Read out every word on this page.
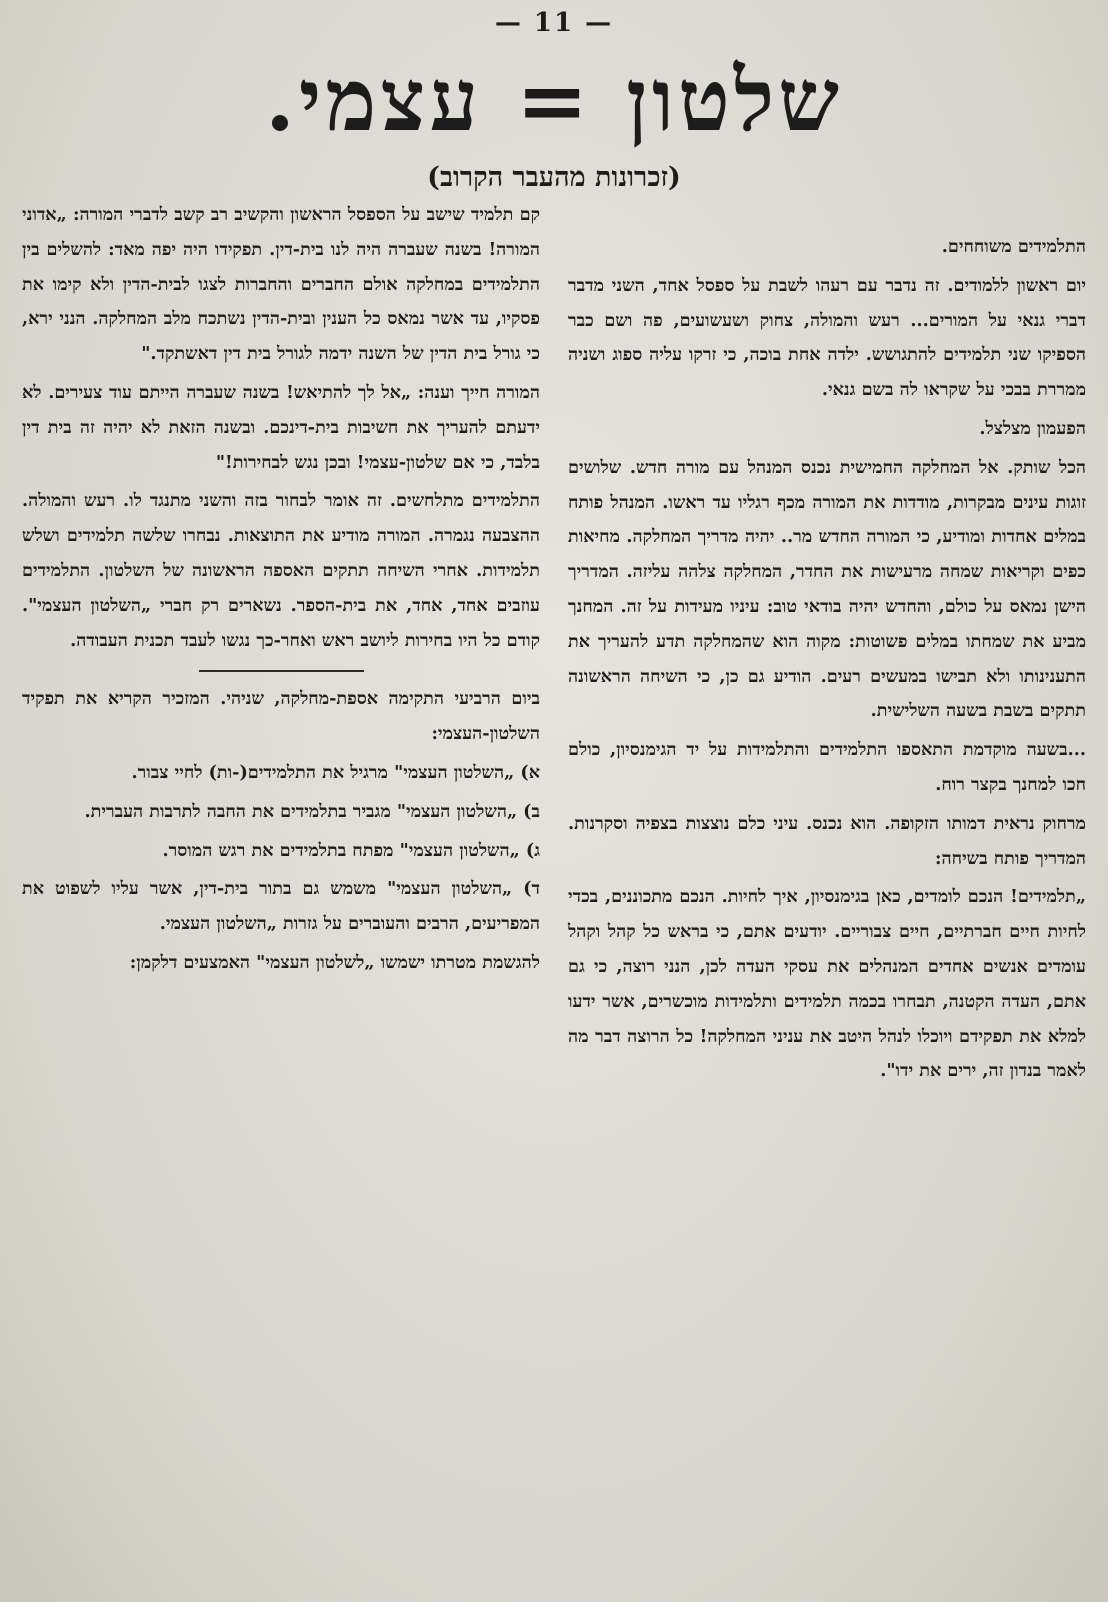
— 11 —
שלטון = עצמי.
(זכרונות מהעבר הקרוב)

התלמידים משוחחים.

יום ראשון ללמודים. זה נדבר עם רעהו לשבת על ספסל אחד, השני מדבר דברי גנאי על המורים... רעש והמולה, צחוק ושעשועים, פה ושם כבר הספיקו שני תלמידים להתגושש. ילדה אחת בוכה, כי זרקו עליה ספוג ושניה ממררת בבכי על שקראו לה בשם גנאי.

הפעמון מצלצל.

הכל שותק. אל המחלקה החמישית נכנס המנהל עם מורה חדש. שלושים זוגות עינים מבקרות, מודדות את המורה מכף רגליו עד ראשו. המנהל פותח במלים אחדות ומודיע, כי המורה החדש מר.. יהיה מדריך המחלקה. מחיאות כפים וקריאות שמחה מרעישות את החדר, המחלקה צלהה עליזה. המדריך הישן נמאס על כולם, והחדש יהיה בודאי טוב: עיניו מעידות על זה. המחנך מביע את שמחתו במלים פשוטות: מקוה הוא שהמחלקה תדע להעריך את התענינותו ולא תבישו במעשים רעים. הודיע גם כן, כי השיחה הראשונה תתקים בשבת בשעה השלישית.

...בשעה מוקדמת התאספו התלמידים והתלמידות על יד הגימנסיון, כולם חכו למחנך בקצר רוח.

מרחוק נראית דמותו הזקופה. הוא נכנס. עיני כלם נוצצות בצפיה וסקרנות. המדריך פותח בשיחה:

„תלמידים! הנכם לומדים, כאן בגימנסיון, איך לחיות. הנכם מתכוננים, בכדי לחיות חיים חברתיים, חיים צבוריים. יודעים אתם, כי בראש כל קהל וקהל עומדים אנשים אחדים המנהלים את עסקי העדה לכן, הנני רוצה, כי גם אתם, העדה הקטנה, תבחרו בכמה תלמידים ותלמידות מוכשרים, אשר ידעו למלא את תפקידם ויוכלו לנהל היטב את עניני המחלקה! כל הרוצה דבר מה לאמר בנדון זה, ירים את ידו".

קם תלמיד שישב על הספסל הראשון והקשיב רב קשב לדברי המורה: „אדוני המורה! בשנה שעברה היה לנו בית-דין. תפקידו היה יפה מאד: להשלים בין התלמידים במחלקה אולם החברים והחברות לצגו לבית-הדין ולא קימו את פסקיו, עד אשר נמאס כל הענין ובית-הדין נשתכח מלב המחלקה. הנני ירא, כי גורל בית הדין של השנה ידמה לגורל בית דין דאשתקד."

המורה חייך וענה: „אל לך להתיאש! בשנה שעברה הייתם עוד צעירים. לא ידעתם להעריך את חשיבות בית-דינכם. ובשנה הזאת לא יהיה זה בית דין בלבד, כי אם שלטון-עצמי! ובכן נגש לבחירות!"

התלמידים מתלחשים. זה אומר לבחור בזה והשני מתנגד לו. רעש והמולה. ההצבעה נגמרה. המורה מודיע את התוצאות. נבחרו שלשה תלמידים ושלש תלמידות. אחרי השיחה תתקים האספה הראשונה של השלטון. התלמידים עוזבים אחד, אחד, את בית-הספר. נשארים רק חברי „השלטון העצמי". קודם כל היו בחירות ליושב ראש ואחר-כך נגשו לעבד תכנית העבודה.

ביום הרביעי התקימה אספת-מחלקה, שניהי. המזכיר הקריא את תפקיד השלטון-העצמי:

א) „השלטון העצמי" מרגיל את התלמידים(-ות) לחיי צבור.

ב) „השלטון העצמי" מגביר בתלמידים את החבה לתרבות העברית.

ג) „השלטון העצמי" מפתח בתלמידים את רגש המוסר.

ד) „השלטון העצמי" משמש גם בתור בית-דין, אשר עליו לשפוט את המפריעים, הרבים והעוברים על גזרות „השלטון העצמי.

להגשמת מטרתו ישמשו „לשלטון העצמי" האמצעים דלקמן:
